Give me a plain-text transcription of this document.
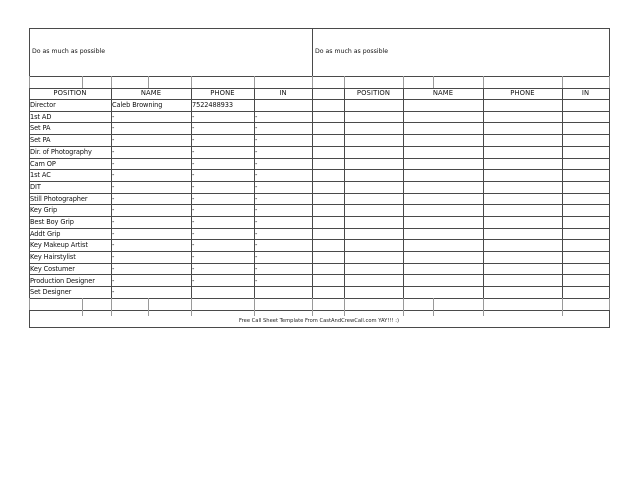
Do as much as possible	Do as much as possible
POSITION	NAME	PHONE	IN	POSITION	NAME	PHONE	IN
Director	Caleb Browning	7522488933
1st AD	-	-	-
Set PA	-	-	-
Set PA	-	-	-
Dir. of Photography	-	-	-
Cam OP	-	-	-
1st AC	-	-	-
DIT	-	-	-
Still Photographer	-	-	-
Key Grip	-	-	-
Best Boy Grip	-	-	-
Addt Grip	-	-	-
Key Makeup Artist	-	-	-
Key Hairstylist	-	-	-
Key Costumer	-	-	-
Production Designer	-	-	-
Set Designer	-
Free Call Sheet Template From CastAndCrewCall.com YAY!!! :)
